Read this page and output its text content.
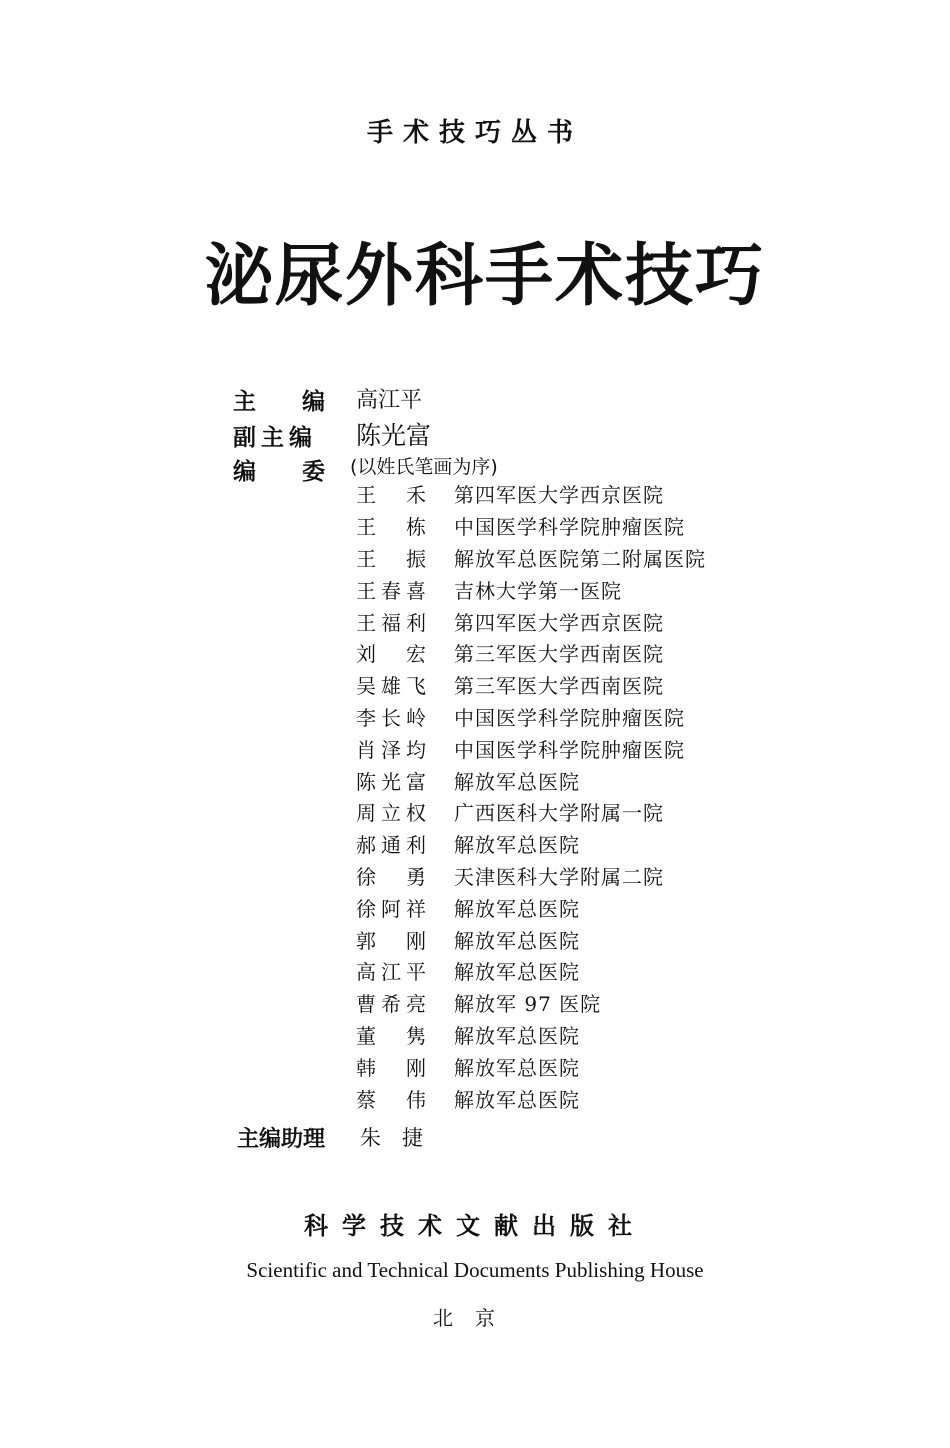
手术技巧丛书
泌尿外科手术技巧
主　　编 高江平
副主编 陈光富
编　　委 (以姓氏笔画为序)
王　禾	第四军医大学西京医院
王　栋	中国医学科学院肿瘤医院
王　振	解放军总医院第二附属医院
王春喜	吉林大学第一医院
王福利	第四军医大学西京医院
刘　宏	第三军医大学西南医院
吴雄飞	第三军医大学西南医院
李长岭	中国医学科学院肿瘤医院
肖泽均	中国医学科学院肿瘤医院
陈光富	解放军总医院
周立权	广西医科大学附属一院
郝通利	解放军总医院
徐　勇	天津医科大学附属二院
徐阿祥	解放军总医院
郭　刚	解放军总医院
高江平	解放军总医院
曹希亮	解放军 97 医院
董　隽	解放军总医院
韩　刚	解放军总医院
蔡　伟	解放军总医院
主编助理 朱　捷
科学技术文献出版社
Scientific and Technical Documents Publishing House
北京
